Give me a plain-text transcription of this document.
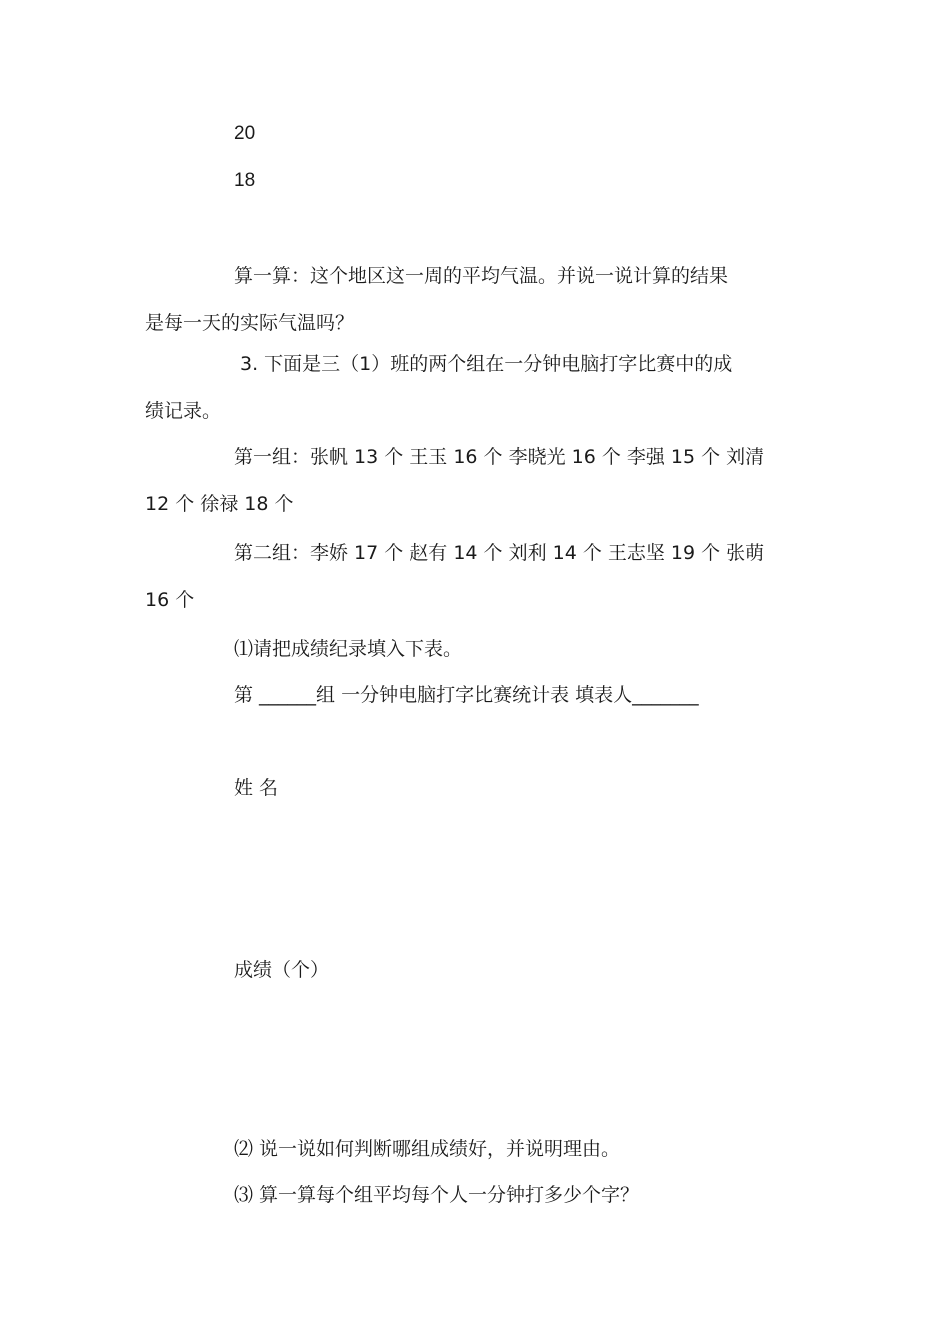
20

18

算一算：这个地区这一周的平均气温。并说一说计算的结果

是每一天的实际气温吗？

3. 下面是三（1）班的两个组在一分钟电脑打字比赛中的成

绩记录。

第一组：张帆 13 个 王玉 16 个 李晓光 16 个 李强 15 个 刘清

12 个 徐禄 18 个

第二组：李娇 17 个 赵有 14 个 刘利 14 个 王志坚 19 个 张萌

16 个

⑴请把成绩纪录填入下表。

第 ______组 一分钟电脑打字比赛统计表 填表人_______

姓 名

成绩（个）

⑵ 说一说如何判断哪组成绩好，并说明理由。

⑶ 算一算每个组平均每个人一分钟打多少个字？
